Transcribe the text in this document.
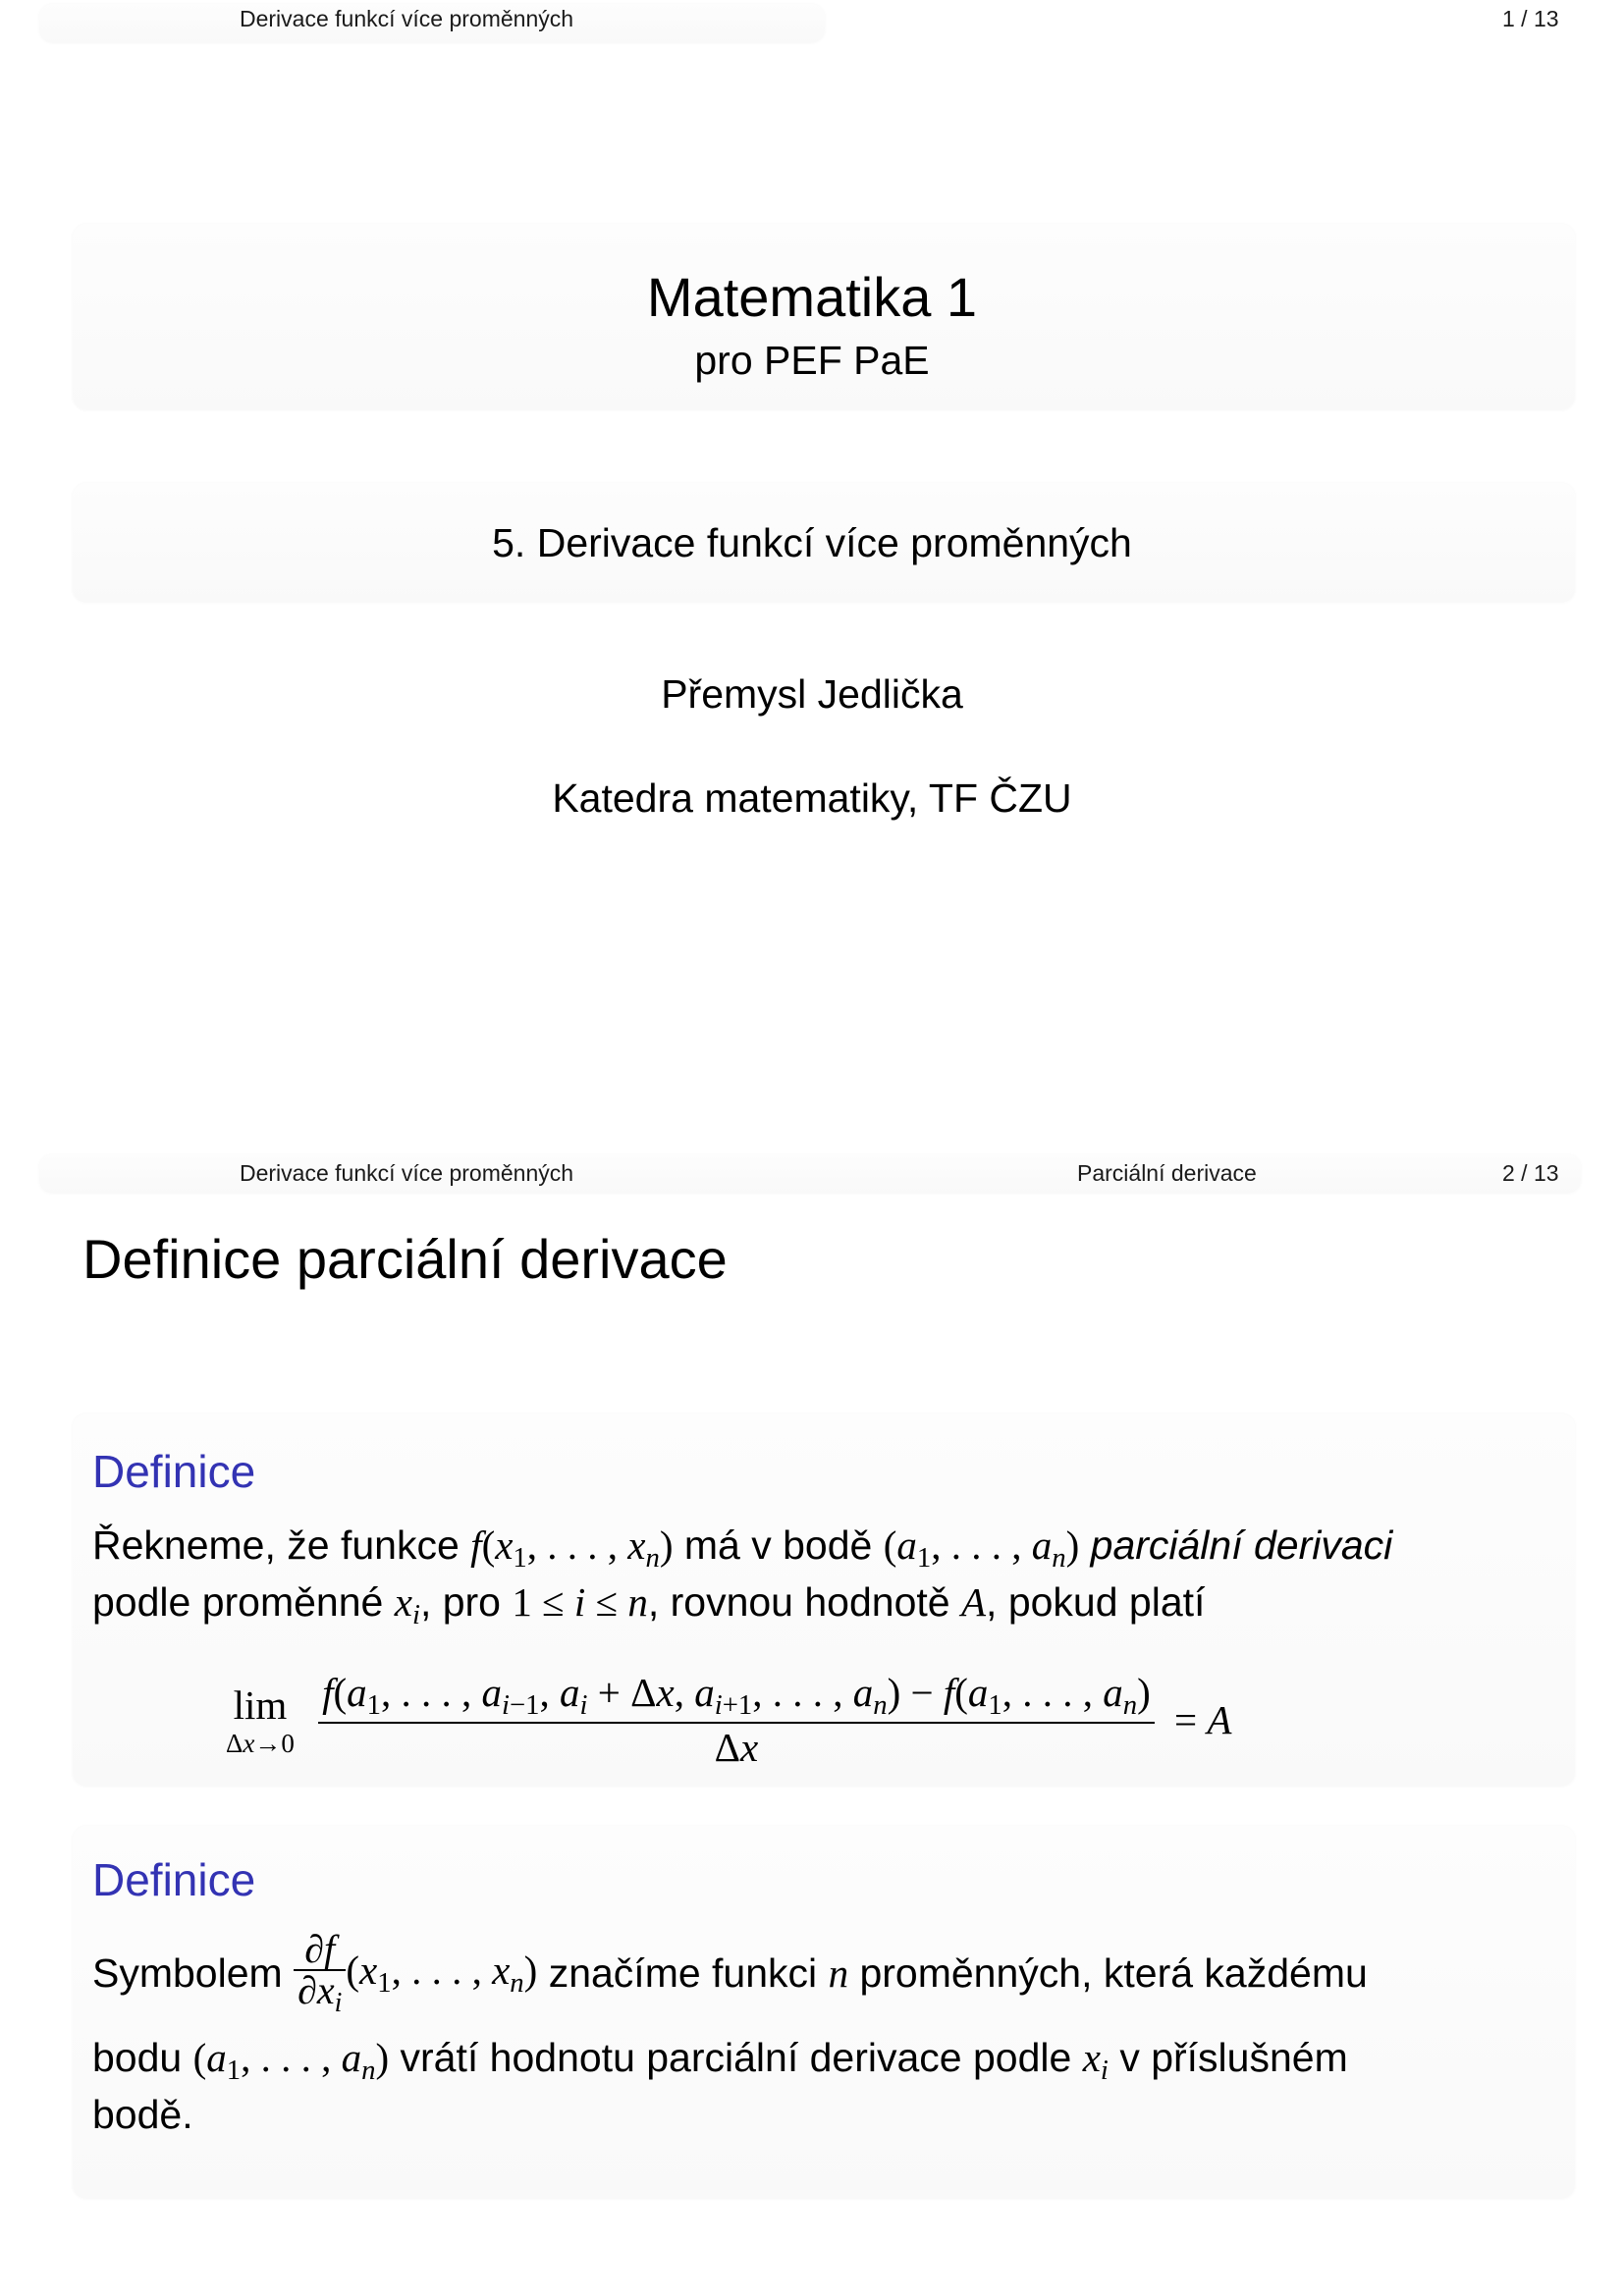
Derivace funkcí více proměnných	1 / 13
Matematika 1
pro PEF PaE
5. Derivace funkcí více proměnných
Přemysl Jedlička
Katedra matematiky, TF ČZU
Derivace funkcí více proměnných	Parciální derivace	2 / 13
Definice parciální derivace
Definice
Řekneme, že funkce $f(x_1$, . . . , $x_n$) má v bodě ($a_1$, . . . , $a_n$) parciální derivaci
podle proměnné $x_i$, pro 1 ≤ i ≤ n, rovnou hodnotě A, pokud platí
lim
Δx→0

$f(a_1$, . . . , $a_{i-1}$, $a_i + \Delta x$, $a_{i+1}$, . . . , $a_n) - f(a_1$, . . . , $a_n$)
Δx
= A
Definice
Symbolem $\frac{\partial f}{\partial x_i} (x_1$, . . . , $x_n$) značíme funkci n proměnných, která každému
bodu ($a_1$, . . . , $a_n$) vrátí hodnotu parciální derivace podle $x_i$ v příslušném
bodě.
